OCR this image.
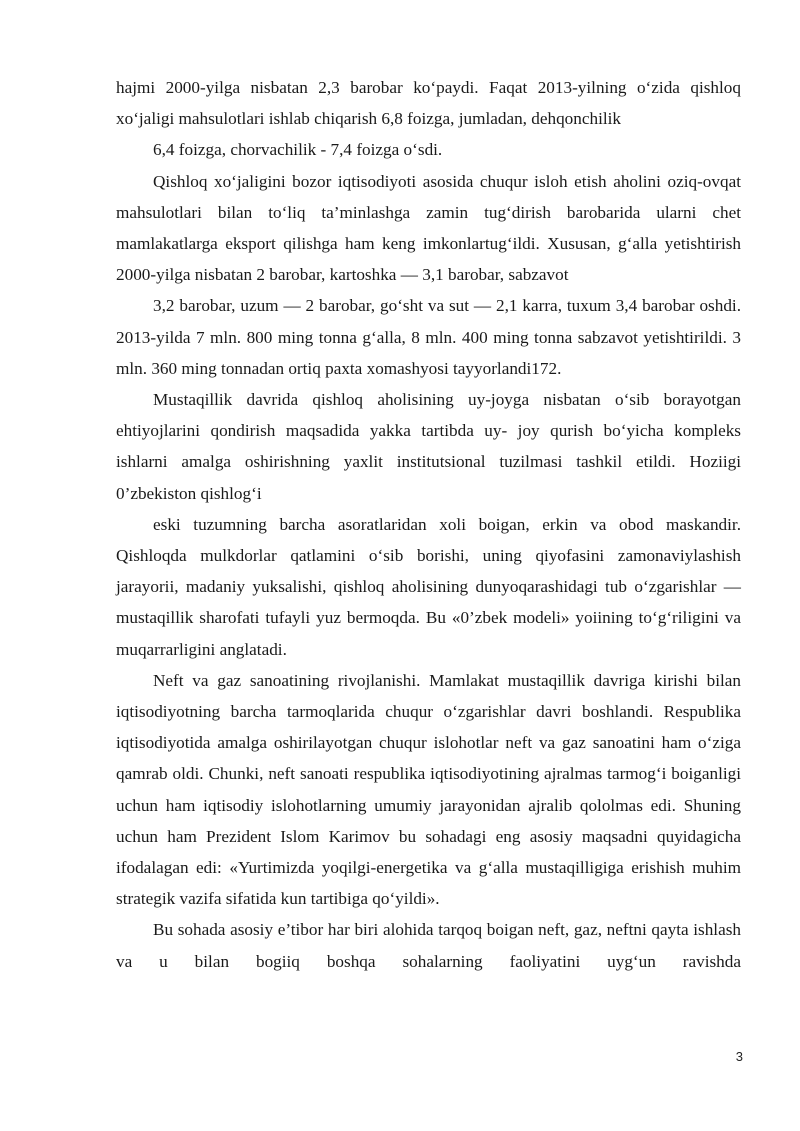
hajmi 2000-yilga nisbatan 2,3 barobar ko‘paydi. Faqat 2013-yilning o‘zida qishloq xo‘jaligi mahsulotlari ishlab chiqarish 6,8 foizga, jumladan, dehqonchilik

6,4 foizga, chorvachilik - 7,4 foizga o‘sdi.

Qishloq xo‘jaligini bozor iqtisodiyoti asosida chuqur isloh etish aholini oziq-ovqat mahsulotlari bilan to‘liq ta’minlashga zamin tug‘dirish barobarida ularni chet mamlakatlarga eksport qilishga ham keng imkonlartug‘ildi. Xususan, g‘alla yetishtirish 2000-yilga nisbatan 2 barobar, kartoshka — 3,1 barobar, sabzavot

3,2 barobar, uzum — 2 barobar, go‘sht va sut — 2,1 karra, tuxum 3,4 barobar oshdi. 2013-yilda 7 mln. 800 ming tonna g‘alla, 8 mln. 400 ming tonna sabzavot yetishtirildi. 3 mln. 360 ming tonnadan ortiq paxta xomashyosi tayyorlandi172.

Mustaqillik davrida qishloq aholisining uy-joyga nisbatan o‘sib borayotgan ehtiyojlarini qondirish maqsadida yakka tartibda uy- joy qurish bo‘yicha kompleks ishlarni amalga oshirishning yaxlit institutsional tuzilmasi tashkil etildi. Hoziigi 0’zbekiston qishlog‘i

eski tuzumning barcha asoratlaridan xoli boigan, erkin va obod maskandir. Qishloqda mulkdorlar qatlamini o‘sib borishi, uning qiyofasini zamonaviylashish jarayorii, madaniy yuksalishi, qishloq aholisining dunyoqarashidagi tub o‘zgarishlar — mustaqillik sharofati tufayli yuz bermoqda. Bu «0’zbek modeli» yoiining to‘g‘riligini va muqarrarligini anglatadi.

Neft va gaz sanoatining rivojlanishi. Mamlakat mustaqillik davriga kirishi bilan iqtisodiyotning barcha tarmoqlarida chuqur o‘zgarishlar davri boshlandi. Respublika iqtisodiyotida amalga oshirilayotgan chuqur islohotlar neft va gaz sanoatini ham o‘ziga qamrab oldi. Chunki, neft sanoati respublika iqtisodiyotining ajralmas tarmog‘i boiganligi uchun ham iqtisodiy islohotlarning umumiy jarayonidan ajralib qololmas edi. Shuning uchun ham Prezident Islom Karimov bu sohadagi eng asosiy maqsadni quyidagicha ifodalagan edi: «Yurtimizda yoqilgi-energetika va g‘alla mustaqilligiga erishish muhim strategik vazifa sifatida kun tartibiga qo‘yildi».

Bu sohada asosiy e’tibor har biri alohida tarqoq boigan neft, gaz, neftni qayta ishlash va u bilan bogiiq boshqa sohalarning faoliyatini uyg‘un ravishda

3
